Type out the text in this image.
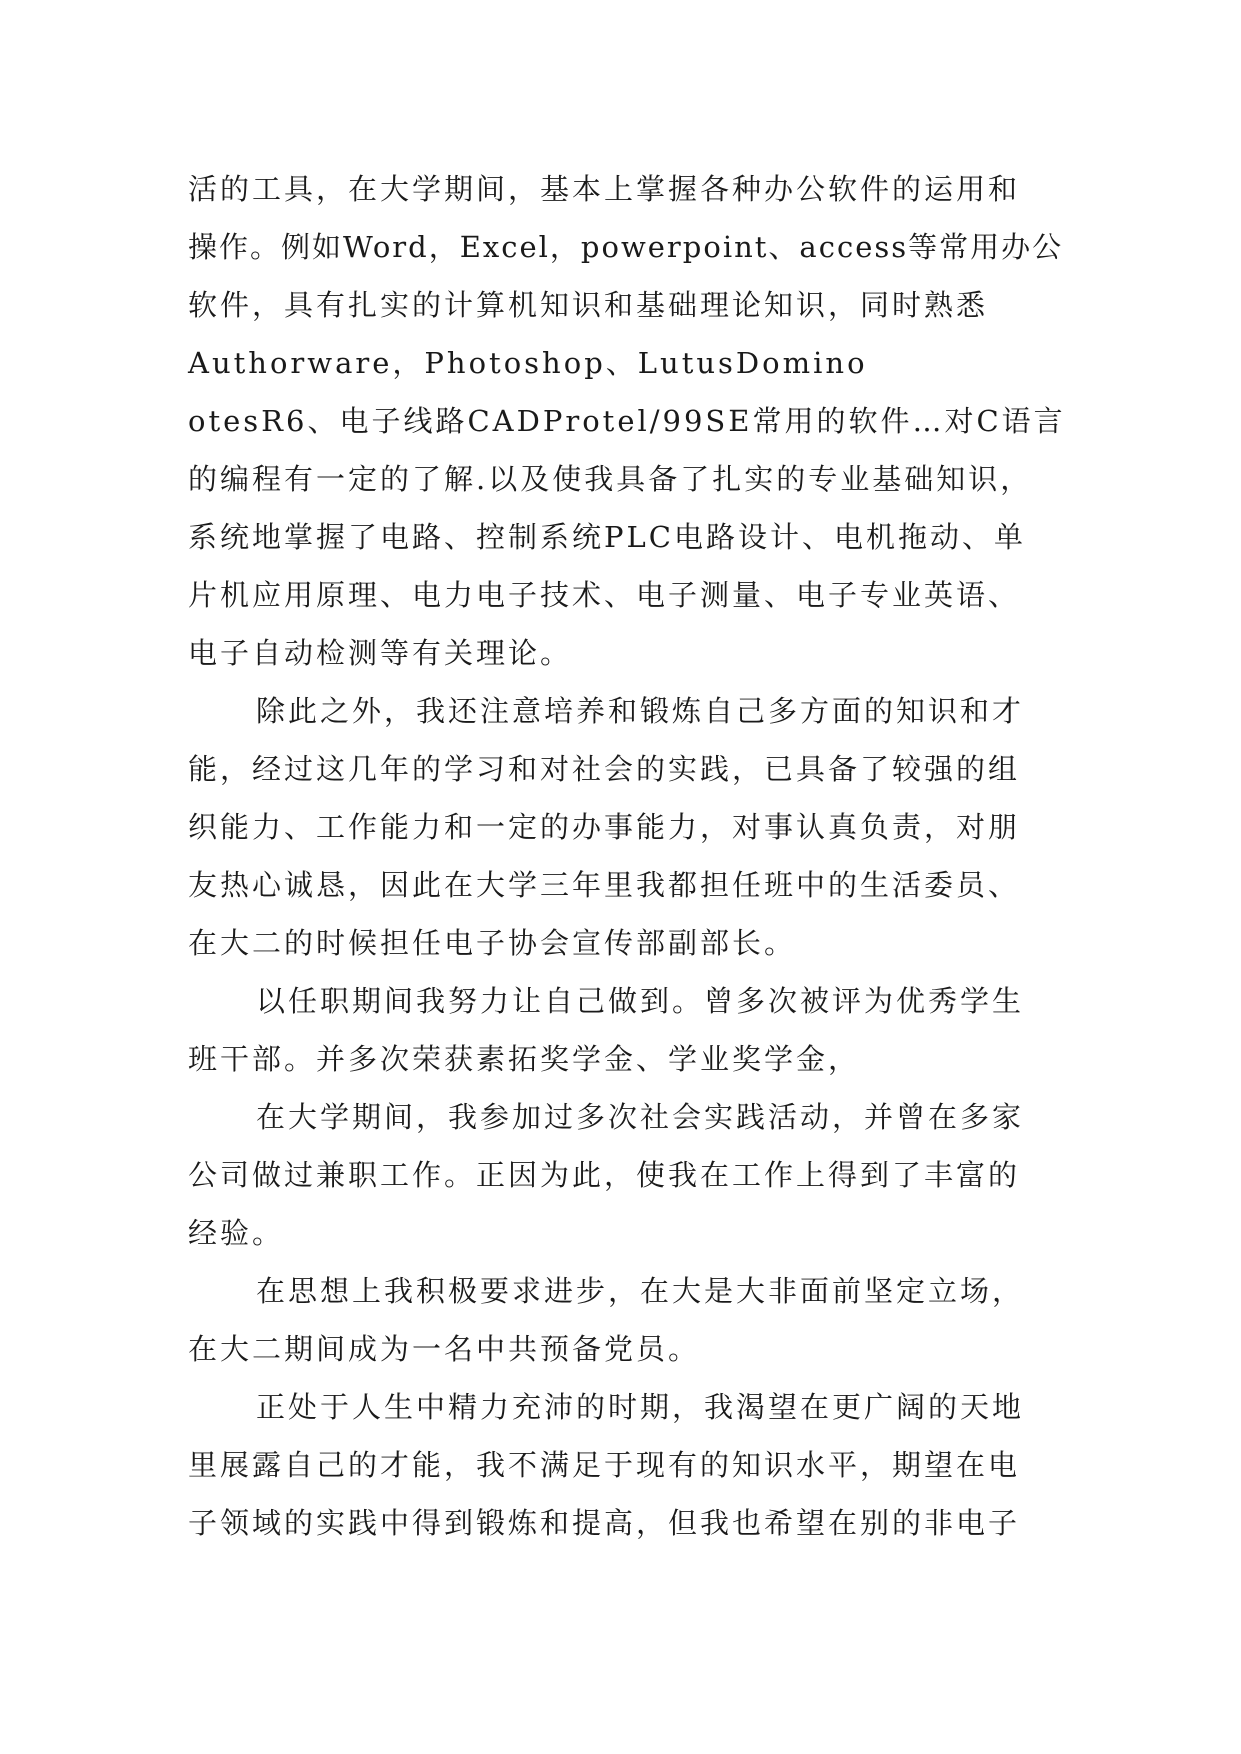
活的工具，在大学期间，基本上掌握各种办公软件的运用和
操作。例如Word，Excel，powerpoint、access等常用办公
软件，具有扎实的计算机知识和基础理论知识，同时熟悉
Authorware，Photoshop、LutusDomino
otesR6、电子线路CADProtel/99SE常用的软件…对C语言
的编程有一定的了解.以及使我具备了扎实的专业基础知识，
系统地掌握了电路、控制系统PLC电路设计、电机拖动、单
片机应用原理、电力电子技术、电子测量、电子专业英语、
电子自动检测等有关理论。
除此之外，我还注意培养和锻炼自己多方面的知识和才
能，经过这几年的学习和对社会的实践，已具备了较强的组
织能力、工作能力和一定的办事能力，对事认真负责，对朋
友热心诚恳，因此在大学三年里我都担任班中的生活委员、
在大二的时候担任电子协会宣传部副部长。
以任职期间我努力让自己做到。曾多次被评为优秀学生
班干部。并多次荣获素拓奖学金、学业奖学金，
在大学期间，我参加过多次社会实践活动，并曾在多家
公司做过兼职工作。正因为此，使我在工作上得到了丰富的
经验。
在思想上我积极要求进步，在大是大非面前坚定立场，
在大二期间成为一名中共预备党员。
正处于人生中精力充沛的时期，我渴望在更广阔的天地
里展露自己的才能，我不满足于现有的知识水平，期望在电
子领域的实践中得到锻炼和提高，但我也希望在别的非电子
